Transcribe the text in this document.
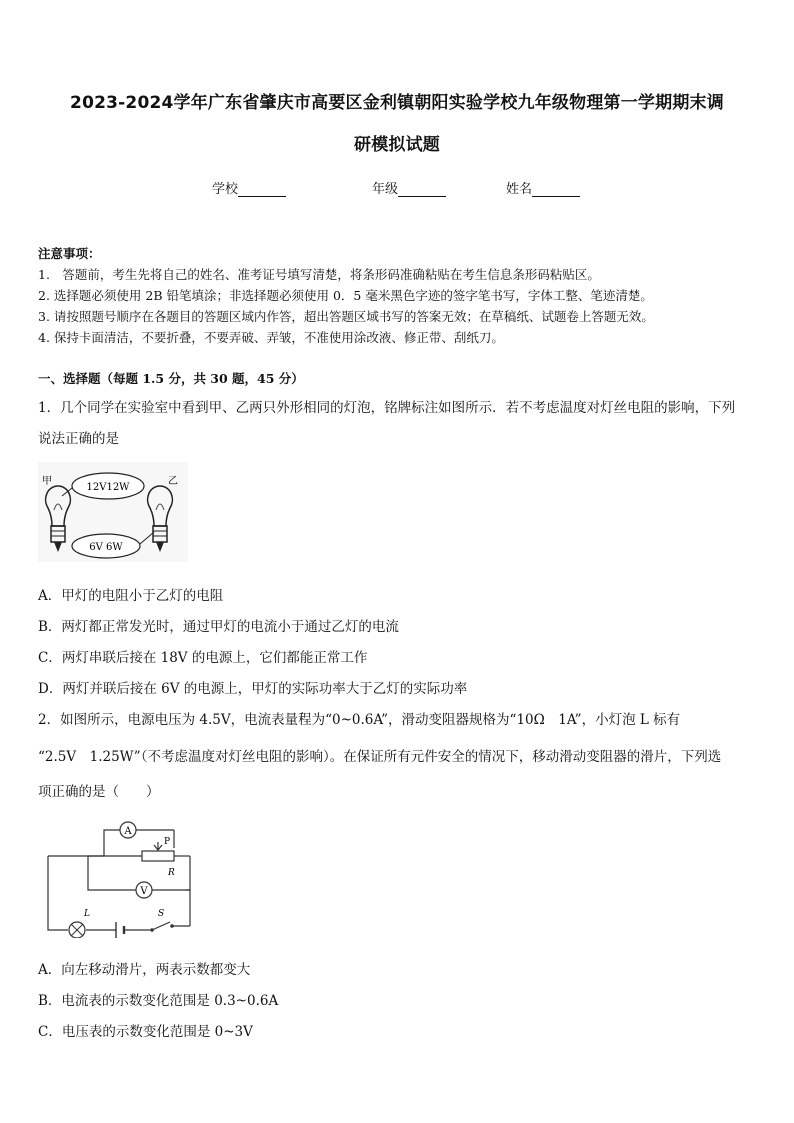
2023-2024学年广东省肇庆市高要区金利镇朝阳实验学校九年级物理第一学期期末调
研模拟试题
学校	年级	姓名
注意事项：
1.　答题前，考生先将自己的姓名、准考证号填写清楚，将条形码准确粘贴在考生信息条形码粘贴区。
2. 选择题必须使用 2B 铅笔填涂；非选择题必须使用 0．5 毫米黑色字迹的签字笔书写，字体工整、笔迹清楚。
3. 请按照题号顺序在各题目的答题区域内作答，超出答题区域书写的答案无效；在草稿纸、试题卷上答题无效。
4. 保持卡面清洁，不要折叠，不要弄破、弄皱，不准使用涂改液、修正带、刮纸刀。
一、选择题（每题 1.5 分，共 30 题，45 分）
1．几个同学在实验室中看到甲、乙两只外形相同的灯泡，铭牌标注如图所示．若不考虑温度对灯丝电阻的影响，下列
说法正确的是
甲	乙
12V12W
6V 6W
A．甲灯的电阻小于乙灯的电阻
B．两灯都正常发光时，通过甲灯的电流小于通过乙灯的电流
C．两灯串联后接在 18V 的电源上，它们都能正常工作
D．两灯并联后接在 6V 的电源上，甲灯的实际功率大于乙灯的实际功率
2．如图所示，电源电压为 4.5V，电流表量程为“0~0.6A”，滑动变阻器规格为“10Ω　1A”，小灯泡 L 标有
“2.5V　1.25W”（不考虑温度对灯丝电阻的影响）。在保证所有元件安全的情况下，移动滑动变阻器的滑片，下列选
项正确的是（　　）
A
P
R
V
L	S
A．向左移动滑片，两表示数都变大
B．电流表的示数变化范围是 0.3~0.6A
C．电压表的示数变化范围是 0~3V
